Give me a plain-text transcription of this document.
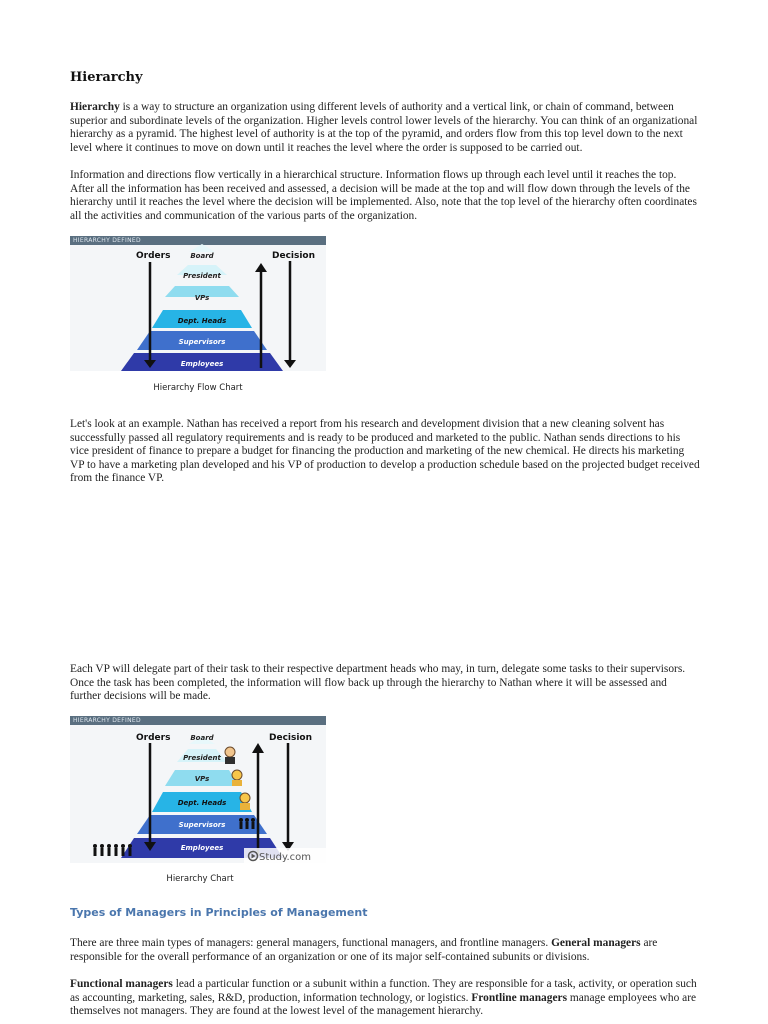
Hierarchy

Hierarchy is a way to structure an organization using different levels of authority and a vertical link, or chain of command, between superior and subordinate levels of the organization. Higher levels control lower levels of the hierarchy. You can think of an organizational hierarchy as a pyramid. The highest level of authority is at the top of the pyramid, and orders flow from this top level down to the next level where it continues to move on down until it reaches the level where the order is supposed to be carried out.

Information and directions flow vertically in a hierarchical structure. Information flows up through each level until it reaches the top. After all the information has been received and assessed, a decision will be made at the top and will flow down through the levels of the hierarchy until it reaches the level where the decision will be implemented. Also, note that the top level of the hierarchy often coordinates all the activities and communication of the various parts of the organization.

HIERARCHY DEFINED
Orders	Decision
Board
President
VPs
Dept. Heads
Supervisors
Employees
Hierarchy Flow Chart

Let's look at an example. Nathan has received a report from his research and development division that a new cleaning solvent has successfully passed all regulatory requirements and is ready to be produced and marketed to the public. Nathan sends directions to his vice president of finance to prepare a budget for financing the production and marketing of the new chemical. He directs his marketing VP to have a marketing plan developed and his VP of production to develop a production schedule based on the projected budget received from the finance VP.

Each VP will delegate part of their task to their respective department heads who may, in turn, delegate some tasks to their supervisors. Once the task has been completed, the information will flow back up through the hierarchy to Nathan where it will be assessed and further decisions will be made.

HIERARCHY DEFINED
Orders	Decision
Board
President
VPs
Dept. Heads
Supervisors
Employees
Study.com
Hierarchy Chart
Types of Managers in Principles of Management

There are three main types of managers: general managers, functional managers, and frontline managers. General managers are responsible for the overall performance of an organization or one of its major self-contained subunits or divisions.

Functional managers lead a particular function or a subunit within a function. They are responsible for a task, activity, or operation such as accounting, marketing, sales, R&D, production, information technology, or logistics. Frontline managers manage employees who are themselves not managers. They are found at the lowest level of the management hierarchy.
